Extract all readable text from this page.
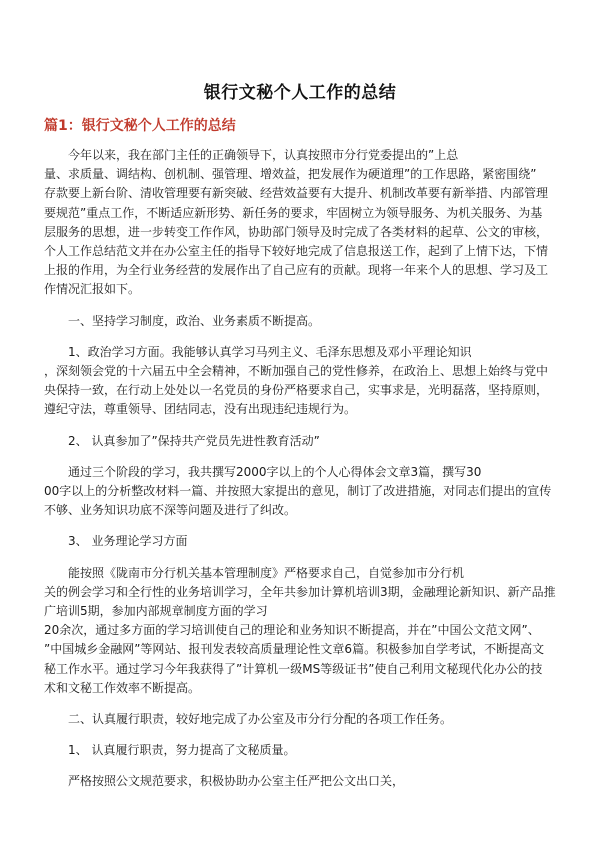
银行文秘个人工作的总结
篇1：银行文秘个人工作的总结

　　今年以来，我在部门主任的正确领导下，认真按照市分行党委提出的”上总
量、求质量、调结构、创机制、强管理、增效益，把发展作为硬道理”的工作思路，紧密围绕”
存款要上新台阶、清收管理要有新突破、经营效益要有大提升、机制改革要有新举措、内部管理
要规范”重点工作，不断适应新形势、新任务的要求，牢固树立为领导服务、为机关服务、为基
层服务的思想，进一步转变工作作风，协助部门领导及时完成了各类材料的起草、公文的审核，
个人工作总结范文并在办公室主任的指导下较好地完成了信息报送工作，起到了上情下达，下情
上报的作用，为全行业务经营的发展作出了自己应有的贡献。现将一年来个人的思想、学习及工
作情况汇报如下。

　　一、坚持学习制度，政治、业务素质不断提高。

　　1、政治学习方面。我能够认真学习马列主义、毛泽东思想及邓小平理论知识
，深刻领会党的十六届五中全会精神，不断加强自己的党性修养，在政治上、思想上始终与党中
央保持一致，在行动上处处以一名党员的身份严格要求自己，实事求是，光明磊落，坚持原则，
遵纪守法，尊重领导、团结同志，没有出现违纪违规行为。

　　2、 认真参加了”保持共产党员先进性教育活动”

　　通过三个阶段的学习，我共撰写2000字以上的个人心得体会文章3篇，撰写30
00字以上的分析整改材料一篇、并按照大家提出的意见，制订了改进措施，对同志们提出的宣传
不够、业务知识功底不深等问题及进行了纠改。

　　3、 业务理论学习方面

　　能按照《陇南市分行机关基本管理制度》严格要求自己，自觉参加市分行机
关的例会学习和全行性的业务培训学习，全年共参加计算机培训3期，金融理论新知识、新产品推
广培训5期，参加内部规章制度方面的学习
20余次，通过多方面的学习培训使自己的理论和业务知识不断提高，并在”中国公文范文网”、
”中国城乡金融网”等网站、报刊发表较高质量理论性文章6篇。积极参加自学考试，不断提高文
秘工作水平。通过学习今年我获得了”计算机一级MS等级证书”使自己利用文秘现代化办公的技
术和文秘工作效率不断提高。

　　二、认真履行职责，较好地完成了办公室及市分行分配的各项工作任务。

　　1、 认真履行职责，努力提高了文秘质量。

　　严格按照公文规范要求，积极协助办公室主任严把公文出口关，
